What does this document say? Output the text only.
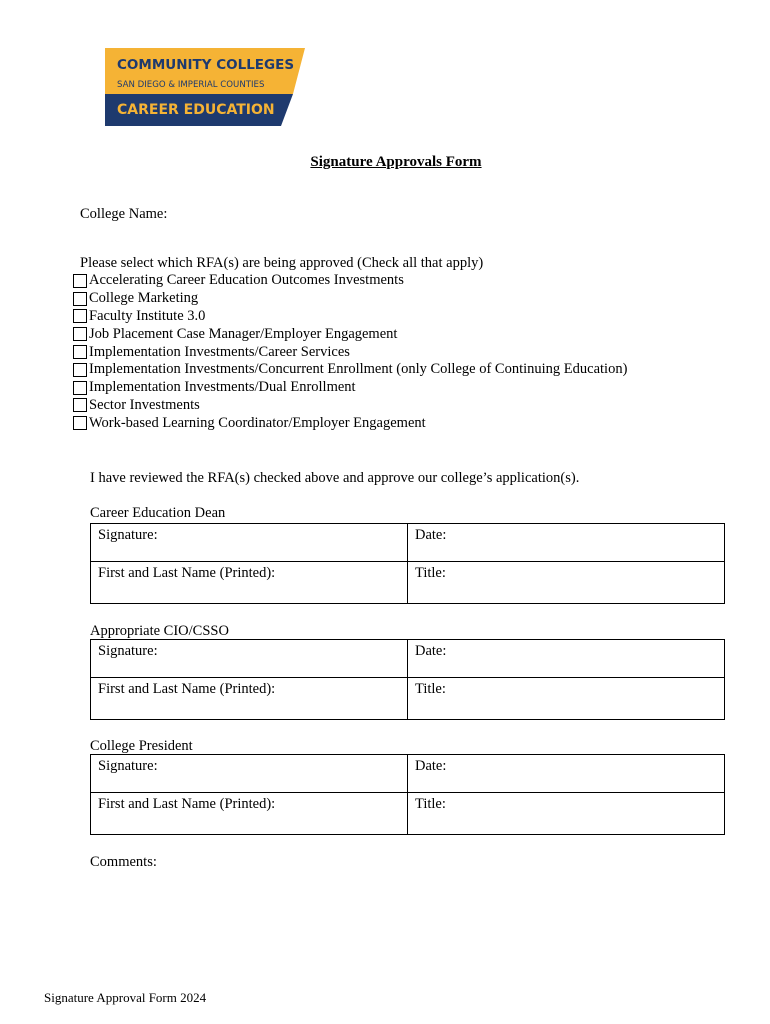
COMMUNITY COLLEGES
SAN DIEGO & IMPERIAL COUNTIES
CAREER EDUCATION
Signature Approvals Form
College Name:
Please select which RFA(s) are being approved (Check all that apply)
Accelerating Career Education Outcomes Investments
College Marketing
Faculty Institute 3.0
Job Placement Case Manager/Employer Engagement
Implementation Investments/Career Services
Implementation Investments/Concurrent Enrollment (only College of Continuing Education)
Implementation Investments/Dual Enrollment
Sector Investments
Work-based Learning Coordinator/Employer Engagement
I have reviewed the RFA(s) checked above and approve our college’s application(s).
Career Education Dean
Signature:	Date:
First and Last Name (Printed):	Title:
Appropriate CIO/CSSO
Signature:	Date:
First and Last Name (Printed):	Title:
College President
Signature:	Date:
First and Last Name (Printed):	Title:
Comments:
Signature Approval Form 2024
